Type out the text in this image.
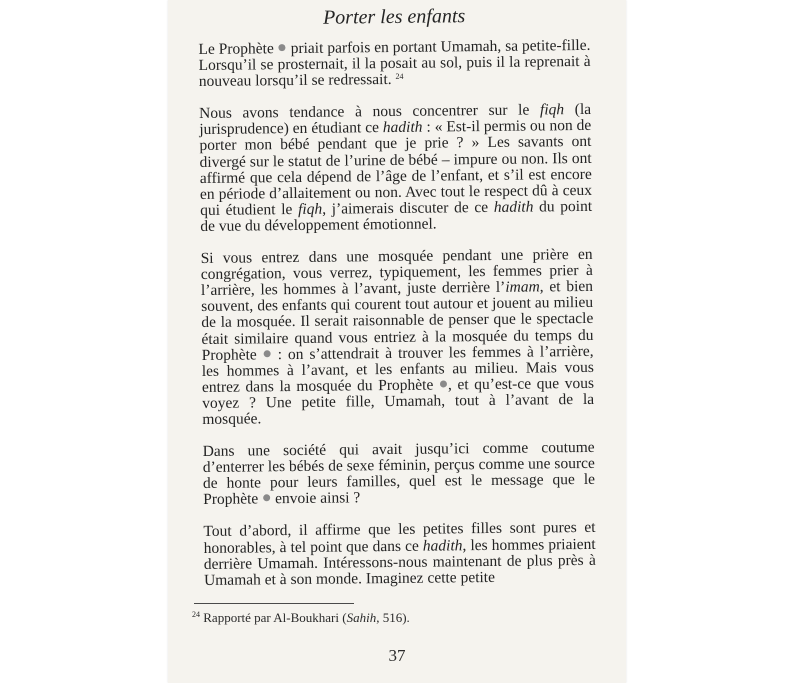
Porter les enfants

Le Prophète  priait parfois en portant Umamah, sa petite-fille. Lorsqu’il se prosternait, il la posait au sol, puis il la reprenait à nouveau lorsqu’il se redressait. $^{24}$

Nous avons tendance à nous concentrer sur le fiqh (la jurisprudence) en étudiant ce hadith : « Est-il permis ou non de porter mon bébé pendant que je prie ? » Les savants ont divergé sur le statut de l’urine de bébé – impure ou non. Ils ont affirmé que cela dépend de l’âge de l’enfant, et s’il est encore en période d’allaitement ou non. Avec tout le respect dû à ceux qui étudient le fiqh, j’aimerais discuter de ce hadith du point de vue du développement émotionnel.

Si vous entrez dans une mosquée pendant une prière en congrégation, vous verrez, typiquement, les femmes prier à l’arrière, les hommes à l’avant, juste derrière l’imam, et bien souvent, des enfants qui courent tout autour et jouent au milieu de la mosquée. Il serait raisonnable de penser que le spectacle était similaire quand vous entriez à la mosquée du temps du Prophète  : on s’attendrait à trouver les femmes à l’arrière, les hommes à l’avant, et les enfants au milieu. Mais vous entrez dans la mosquée du Prophète , et qu’est-ce que vous voyez ? Une petite fille, Umamah, tout à l’avant de la mosquée.

Dans une société qui avait jusqu’ici comme coutume d’enterrer les bébés de sexe féminin, perçus comme une source de honte pour leurs familles, quel est le message que le Prophète  envoie ainsi ?

Tout d’abord, il affirme que les petites filles sont pures et honorables, à tel point que dans ce hadith, les hommes priaient derrière Umamah. Intéressons-nous maintenant de plus près à Umamah et à son monde. Imaginez cette petite

$^{24}$ Rapporté par Al-Boukhari (Sahih, 516).
37
